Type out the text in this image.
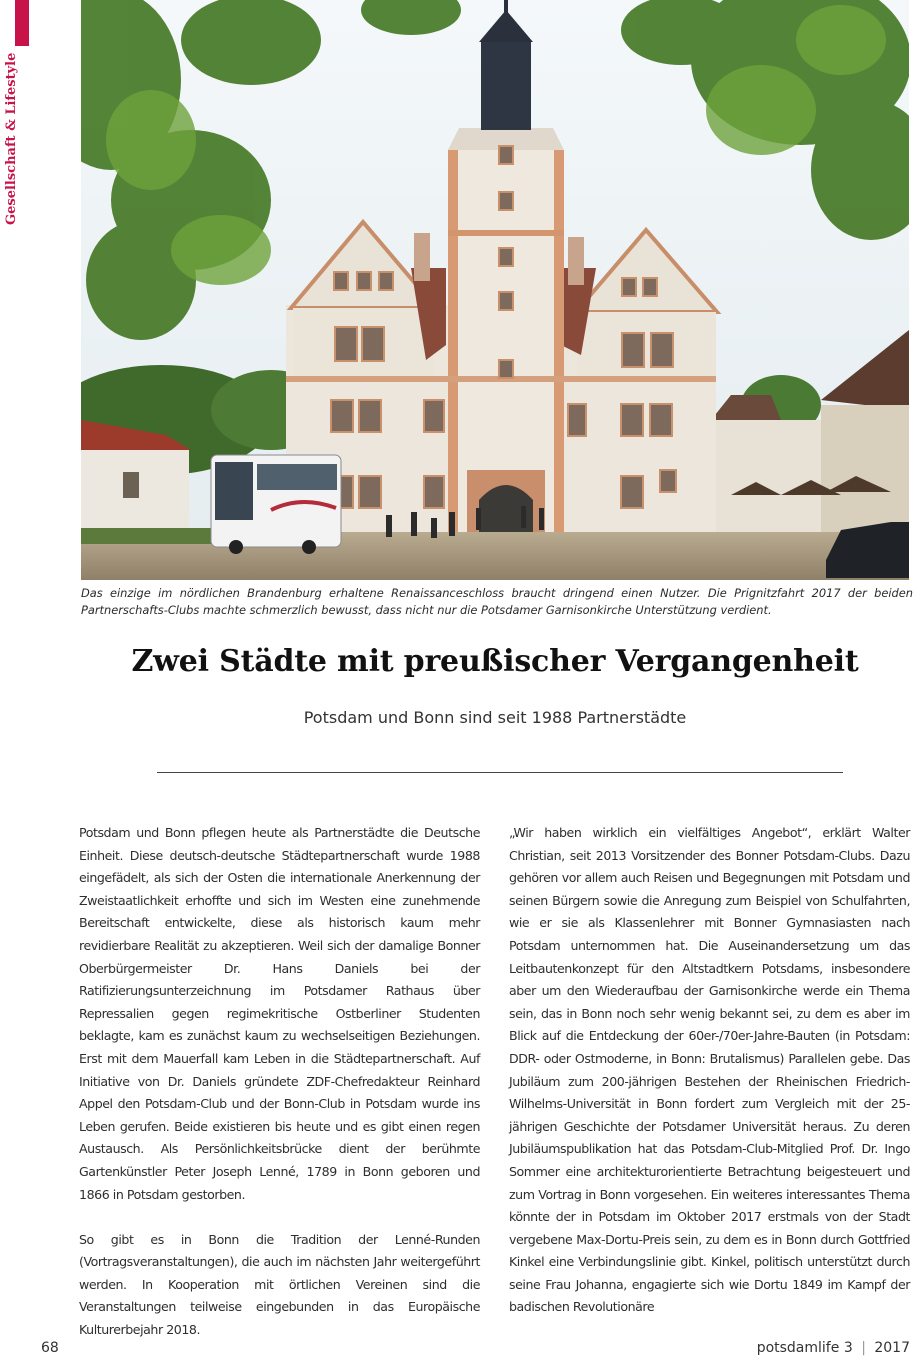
Gesellschaft & Lifestyle
Das einzige im nördlichen Brandenburg erhaltene Renaissanceschloss braucht dringend einen Nutzer. Die Prignitzfahrt 2017 der beiden Partnerschafts-Clubs machte schmerzlich bewusst, dass nicht nur die Potsdamer Garnisonkirche Unterstützung verdient.
Zwei Städte mit preußischer Vergangenheit

Potsdam und Bonn sind seit 1988 Partnerstädte

Potsdam und Bonn pflegen heute als Partnerstädte die Deutsche Einheit. Diese deutsch-deutsche Städtepartnerschaft wurde 1988 eingefädelt, als sich der Osten die internationale Anerkennung der Zweistaatlichkeit erhoffte und sich im Westen eine zunehmende Bereitschaft entwickelte, diese als historisch kaum mehr revidierbare Realität zu akzeptieren. Weil sich der damalige Bonner Oberbürgermeister Dr. Hans Daniels bei der Ratifizierungsunterzeichnung im Potsdamer Rathaus über Repressalien gegen regimekritische Ostberliner Studenten beklagte, kam es zunächst kaum zu wechselseitigen Beziehungen. Erst mit dem Mauerfall kam Leben in die Städtepartnerschaft. Auf Initiative von Dr. Daniels gründete ZDF-Chefredakteur Reinhard Appel den Potsdam-Club und der Bonn-Club in Potsdam wurde ins Leben gerufen. Beide existieren bis heute und es gibt einen regen Austausch. Als Persönlichkeitsbrücke dient der berühmte Gartenkünstler Peter Joseph Lenné, 1789 in Bonn geboren und 1866 in Potsdam gestorben.

So gibt es in Bonn die Tradition der Lenné-Runden (Vortragsveranstaltungen), die auch im nächsten Jahr weitergeführt werden. In Kooperation mit örtlichen Vereinen sind die Veranstaltungen teilweise eingebunden in das Europäische Kulturerbejahr 2018.

„Wir haben wirklich ein vielfältiges Angebot“, erklärt Walter Christian, seit 2013 Vorsitzender des Bonner Potsdam-Clubs. Dazu gehören vor allem auch Reisen und Begegnungen mit Potsdam und seinen Bürgern sowie die Anregung zum Beispiel von Schulfahrten, wie er sie als Klassenlehrer mit Bonner Gymnasiasten nach Potsdam unternommen hat. Die Auseinandersetzung um das Leitbautenkonzept für den Altstadtkern Potsdams, insbesondere aber um den Wiederaufbau der Garnisonkirche werde ein Thema sein, das in Bonn noch sehr wenig bekannt sei, zu dem es aber im Blick auf die Entdeckung der 60er-/70er-Jahre-Bauten (in Potsdam: DDR- oder Ostmoderne, in Bonn: Brutalismus) Parallelen gebe. Das Jubiläum zum 200-jährigen Bestehen der Rheinischen Friedrich-Wilhelms-Universität in Bonn fordert zum Vergleich mit der 25-jährigen Geschichte der Potsdamer Universität heraus. Zu deren Jubiläumspublikation hat das Potsdam-Club-Mitglied Prof. Dr. Ingo Sommer eine architekturorientierte Betrachtung beigesteuert und zum Vortrag in Bonn vorgesehen. Ein weiteres interessantes Thema könnte der in Potsdam im Oktober 2017 erstmals von der Stadt vergebene Max-Dortu-Preis sein, zu dem es in Bonn durch Gottfried Kinkel eine Verbindungslinie gibt. Kinkel, politisch unterstützt durch seine Frau Johanna, engagierte sich wie Dortu 1849 im Kampf der badischen Revolutionäre

68	potsdamlife 3 | 2017
